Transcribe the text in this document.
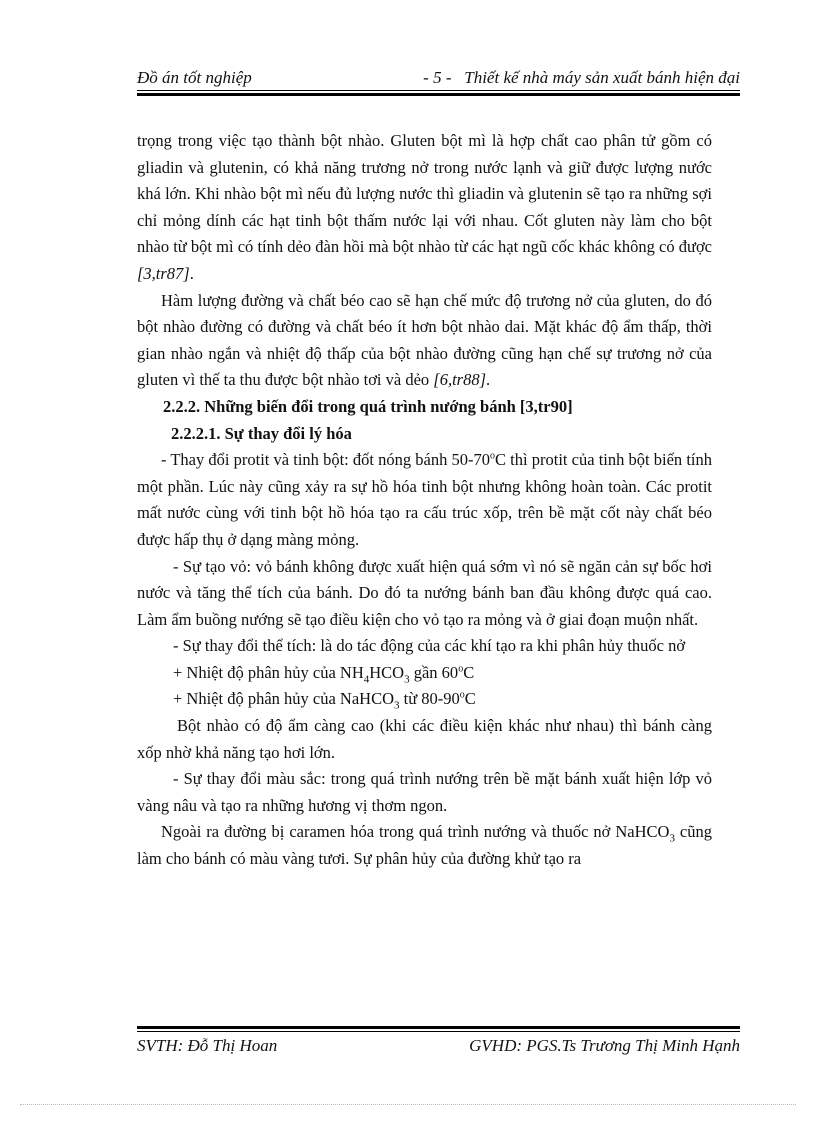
Đồ án tốt nghiệp	- 5 - Thiết kế nhà máy sản xuất bánh hiện đại

trọng trong việc tạo thành bột nhào. Gluten bột mì là hợp chất cao phân tử gồm có gliadin và glutenin, có khả năng trương nở trong nước lạnh và giữ được lượng nước khá lớn. Khi nhào bột mì nếu đủ lượng nước thì gliadin và glutenin sẽ tạo ra những sợi chỉ mỏng dính các hạt tinh bột thấm nước lại với nhau. Cốt gluten này làm cho bột nhào từ bột mì có tính dẻo đàn hồi mà bột nhào từ các hạt ngũ cốc khác không có được [3,tr87].

Hàm lượng đường và chất béo cao sẽ hạn chế mức độ trương nở của gluten, do đó bột nhào đường có đường và chất béo ít hơn bột nhào dai. Mặt khác độ ẩm thấp, thời gian nhào ngắn và nhiệt độ thấp của bột nhào đường cũng hạn chế sự trương nở của gluten vì thế ta thu được bột nhào tơi và dẻo [6,tr88].

2.2.2. Những biến đổi trong quá trình nướng bánh [3,tr90]

2.2.2.1. Sự thay đổi lý hóa

- Thay đổi protit và tinh bột: đốt nóng bánh 50-70$^o$C thì protit của tinh bột biến tính một phần. Lúc này cũng xảy ra sự hồ hóa tinh bột nhưng không hoàn toàn. Các protit mất nước cùng với tinh bột hồ hóa tạo ra cấu trúc xốp, trên bề mặt cốt này chất béo được hấp thụ ở dạng màng mỏng.

- Sự tạo vỏ: vỏ bánh không được xuất hiện quá sớm vì nó sẽ ngăn cản sự bốc hơi nước và tăng thể tích của bánh. Do đó ta nướng bánh ban đầu không được quá cao. Làm ẩm buồng nướng sẽ tạo điều kiện cho vỏ tạo ra mỏng và ở giai đoạn muộn nhất.

- Sự thay đổi thể tích: là do tác động của các khí tạo ra khi phân hủy thuốc nở

+ Nhiệt độ phân hủy của $NH_4HCO_3$ gần 60$^o$C

+ Nhiệt độ phân hủy của NaHCO$_3$ từ 80-90$^o$C

Bột nhào có độ ẩm càng cao (khi các điều kiện khác như nhau) thì bánh càng xốp nhờ khả năng tạo hơi lớn.

- Sự thay đổi màu sắc: trong quá trình nướng trên bề mặt bánh xuất hiện lớp vỏ vàng nâu và tạo ra những hương vị thơm ngon.

Ngoài ra đường bị caramen hóa trong quá trình nướng và thuốc nở NaHCO$_3$ cũng làm cho bánh có màu vàng tươi. Sự phân hủy của đường khử tạo ra

SVTH: Đỗ Thị Hoan	GVHD: PGS.Ts Trương Thị Minh Hạnh
